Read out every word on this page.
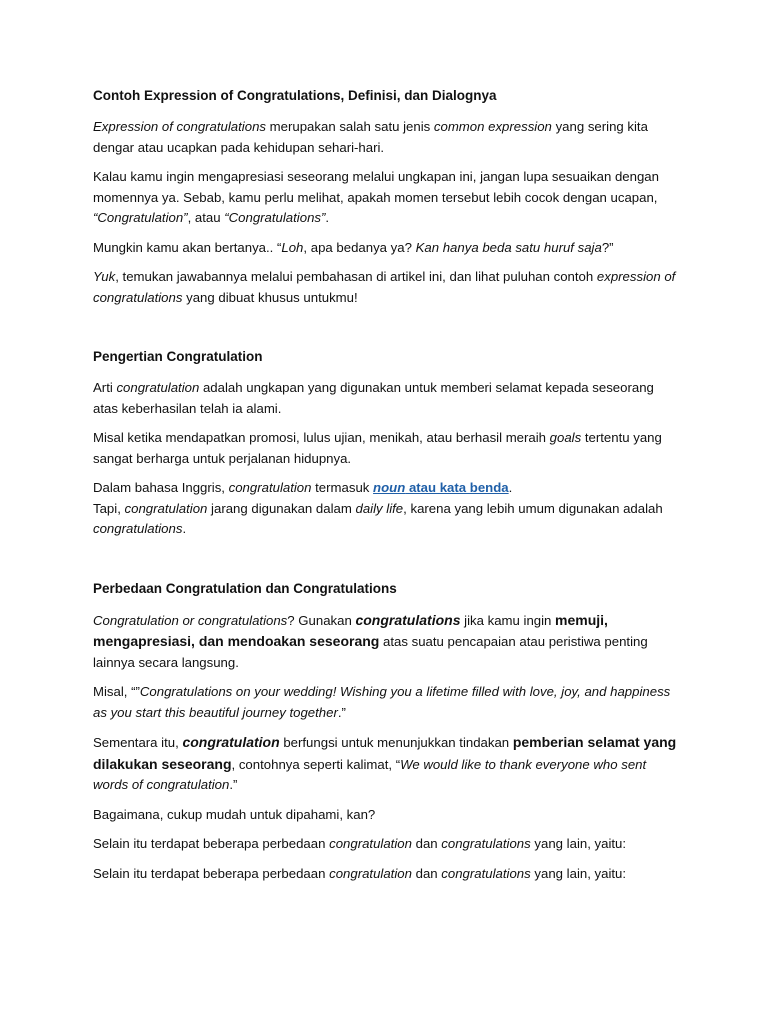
Contoh Expression of Congratulations, Definisi, dan Dialognya

Expression of congratulations merupakan salah satu jenis common expression yang sering kita dengar atau ucapkan pada kehidupan sehari-hari.

Kalau kamu ingin mengapresiasi seseorang melalui ungkapan ini, jangan lupa sesuaikan dengan momennya ya. Sebab, kamu perlu melihat, apakah momen tersebut lebih cocok dengan ucapan, “Congratulation”, atau “Congratulations”.

Mungkin kamu akan bertanya.. “Loh, apa bedanya ya? Kan hanya beda satu huruf saja?”

Yuk, temukan jawabannya melalui pembahasan di artikel ini, dan lihat puluhan contoh expression of congratulations yang dibuat khusus untukmu!

Pengertian Congratulation

Arti congratulation adalah ungkapan yang digunakan untuk memberi selamat kepada seseorang atas keberhasilan telah ia alami.

Misal ketika mendapatkan promosi, lulus ujian, menikah, atau berhasil meraih goals tertentu yang sangat berharga untuk perjalanan hidupnya.

Dalam bahasa Inggris, congratulation termasuk noun atau kata benda.
Tapi, congratulation jarang digunakan dalam daily life, karena yang lebih umum digunakan adalah congratulations.

Perbedaan Congratulation dan Congratulations

Congratulation or congratulations? Gunakan congratulations jika kamu ingin memuji, mengapresiasi, dan mendoakan seseorang atas suatu pencapaian atau peristiwa penting lainnya secara langsung.

Misal, “”Congratulations on your wedding! Wishing you a lifetime filled with love, joy, and happiness as you start this beautiful journey together.”

Sementara itu, congratulation berfungsi untuk menunjukkan tindakan pemberian selamat yang dilakukan seseorang, contohnya seperti kalimat, “We would like to thank everyone who sent words of congratulation.”

Bagaimana, cukup mudah untuk dipahami, kan?

Selain itu terdapat beberapa perbedaan congratulation dan congratulations yang lain, yaitu:

Selain itu terdapat beberapa perbedaan congratulation dan congratulations yang lain, yaitu:
